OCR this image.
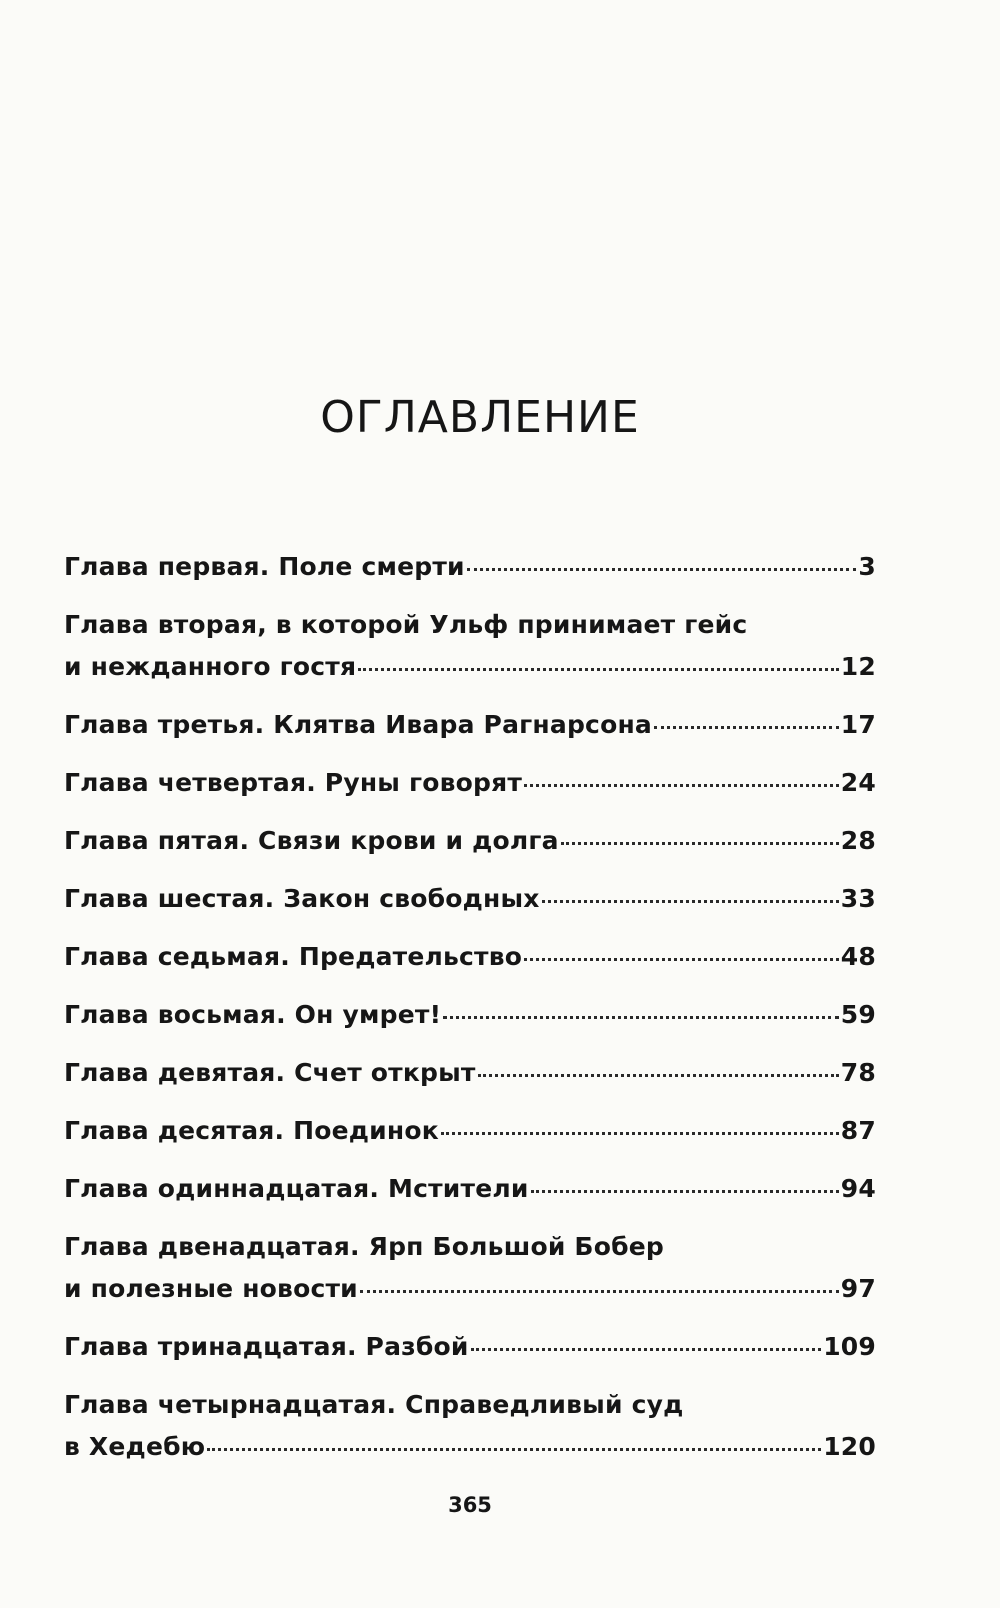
ОГЛАВЛЕНИЕ
Глава первая. Поле смерти	3
Глава вторая, в которой Ульф принимает гейс
и нежданного гостя	12
Глава третья. Клятва Ивара Рагнарсона	17
Глава четвертая. Руны говорят	24
Глава пятая. Связи крови и долга	28
Глава шестая. Закон свободных	33
Глава седьмая. Предательство	48
Глава восьмая. Он умрет!	59
Глава девятая. Счет открыт	78
Глава десятая. Поединок	87
Глава одиннадцатая. Мстители	94
Глава двенадцатая. Ярп Большой Бобер
и полезные новости	97
Глава тринадцатая. Разбой	109
Глава четырнадцатая. Справедливый суд
в Хедебю	120
365
